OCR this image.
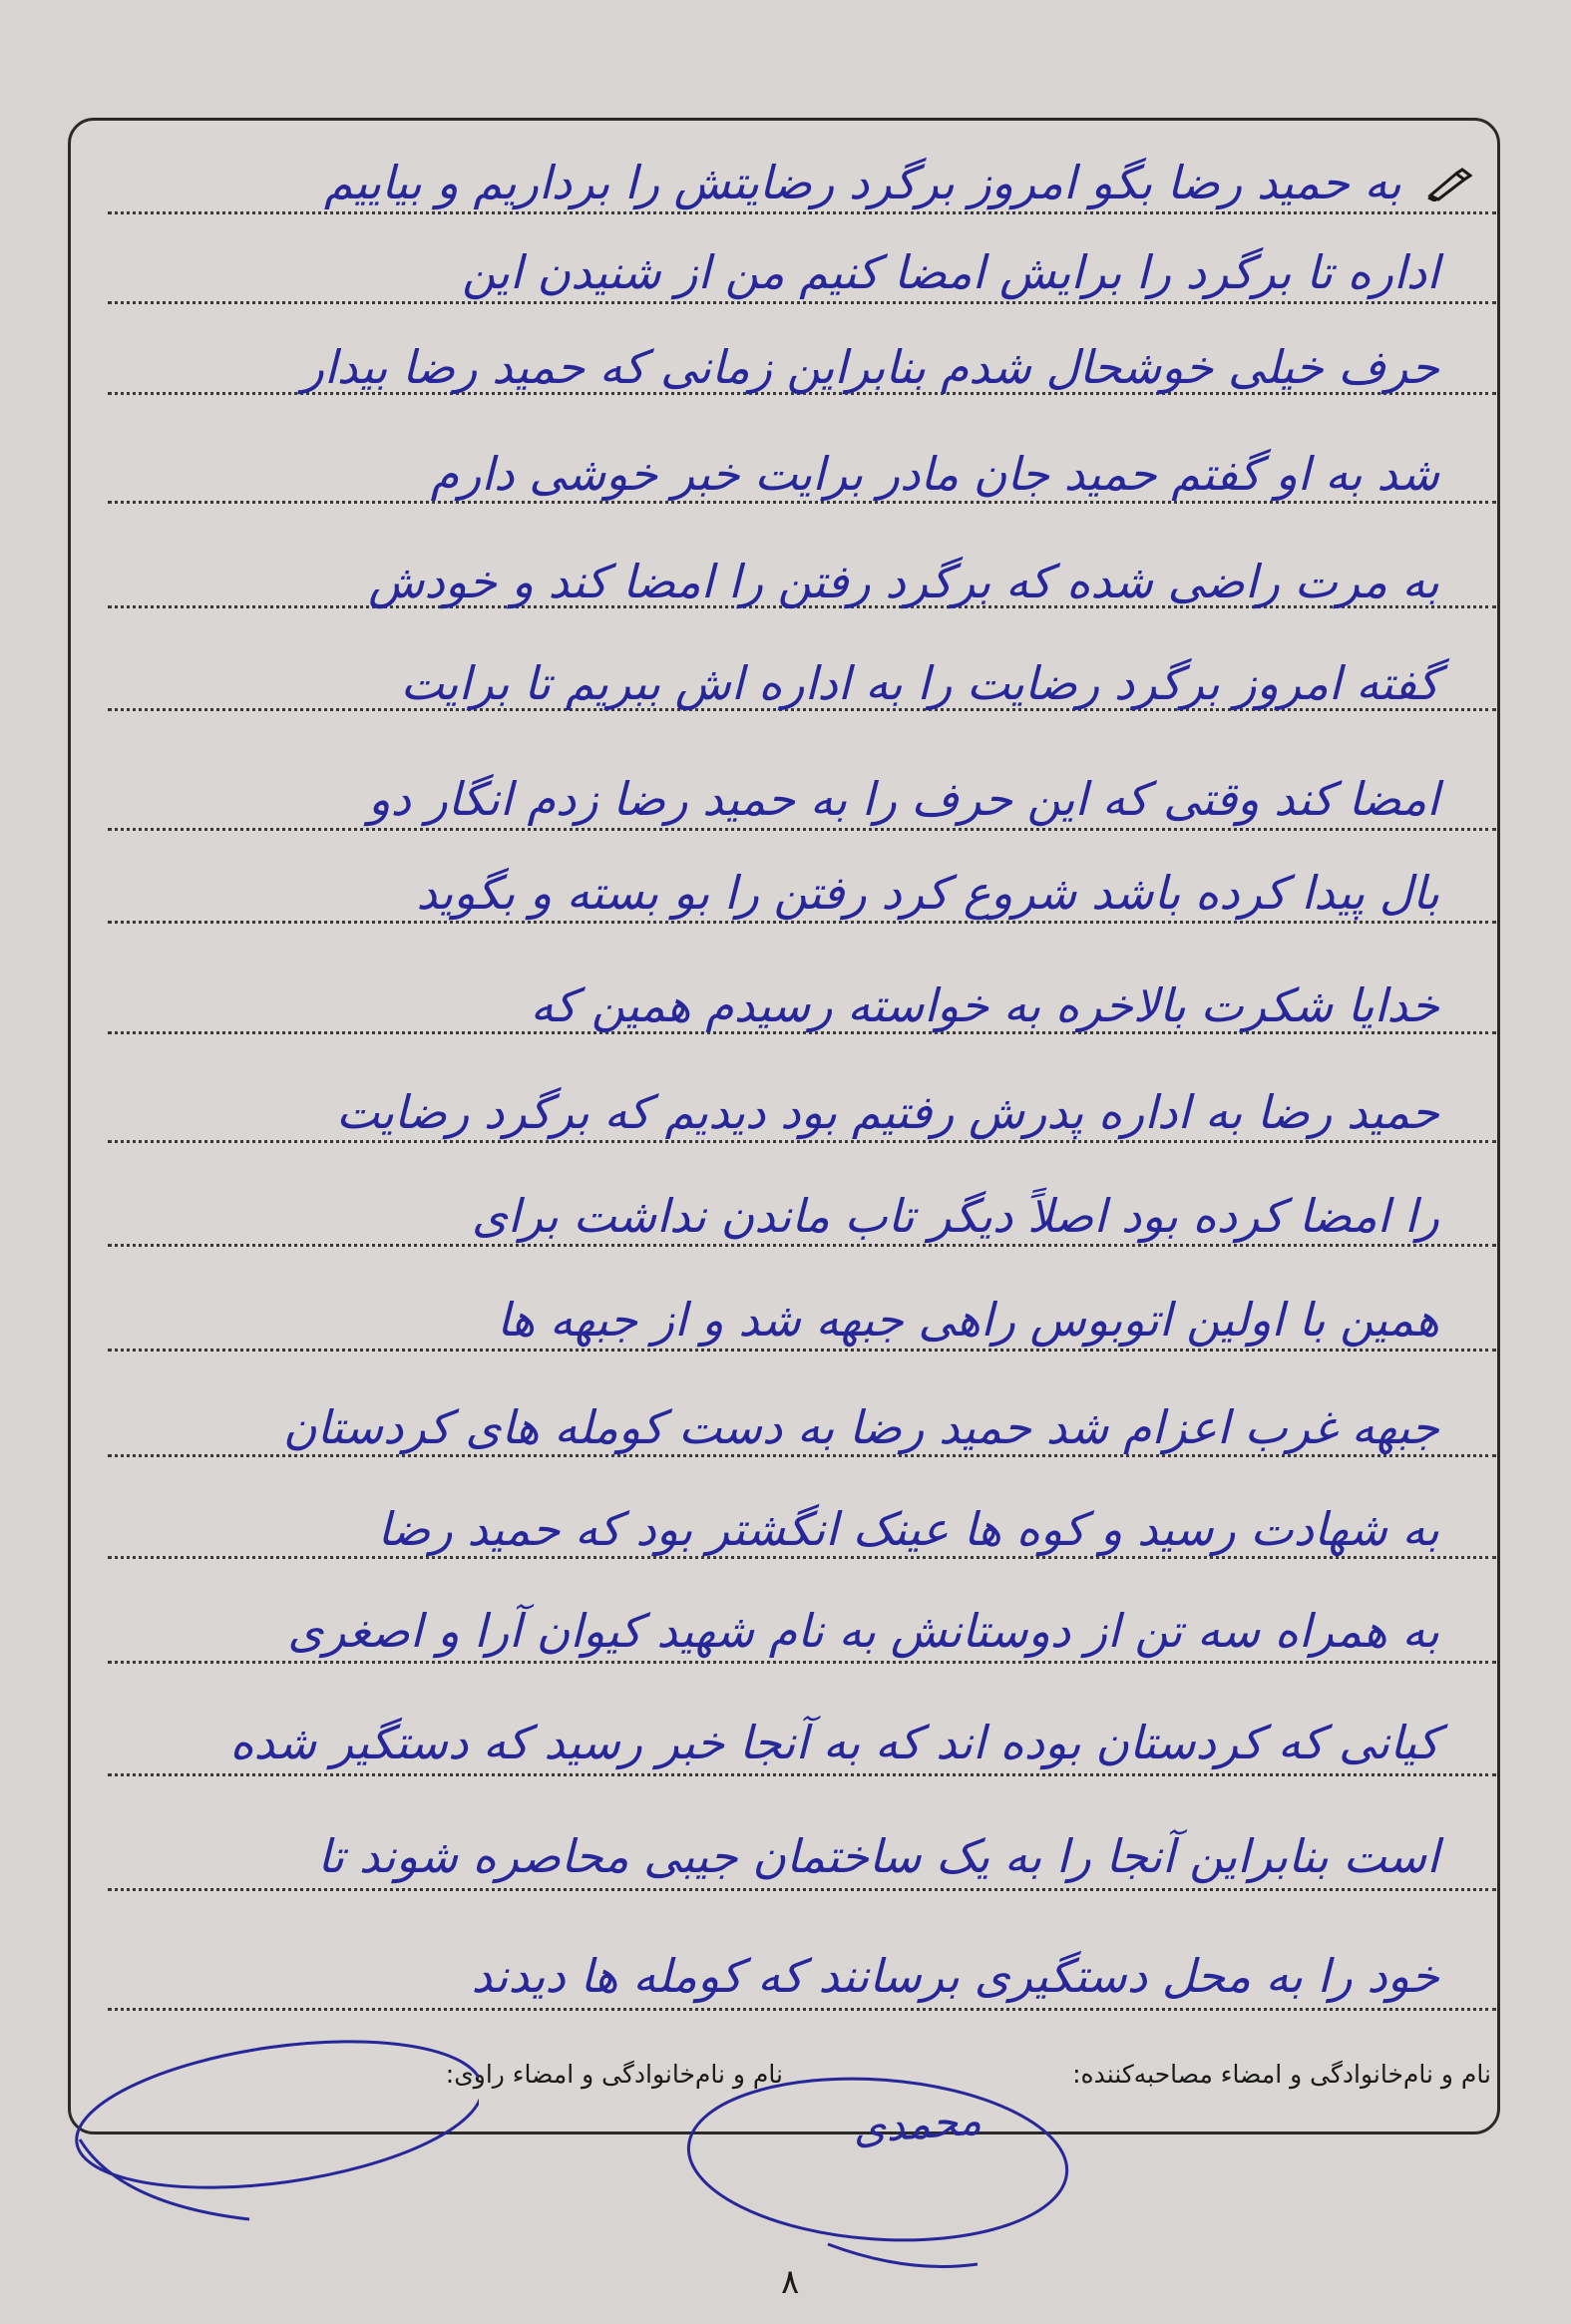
به حمید رضا بگو امروز برگرد رضایتش را برداریم و بیاییم
اداره تا برگرد را برایش امضا کنیم من از شنیدن این
حرف خیلی خوشحال شدم بنابراین زمانی که حمید رضا بیدار
شد به او گفتم حمید جان مادر برایت خبر خوشی دارم
به مرت راضی شده که برگرد رفتن را امضا کند و خودش
گفته امروز برگرد رضایت را به اداره اش ببریم تا برایت
امضا کند وقتی که این حرف را به حمید رضا زدم انگار دو
بال پیدا کرده باشد شروع کرد رفتن را بو بسته و بگوید
خدایا شکرت بالاخره به خواسته رسیدم همین که
حمید رضا به اداره پدرش رفتیم بود دیدیم که برگرد رضایت
را امضا کرده بود اصلاً دیگر تاب ماندن نداشت برای
همین با اولین اتوبوس راهی جبهه شد و از جبهه ها
جبهه غرب اعزام شد حمید رضا به دست کومله های کردستان
به شهادت رسید و کوه ها عینک انگشتر بود که حمید رضا
به همراه سه تن از دوستانش به نام شهید کیوان آرا و اصغری
کیانی که کردستان بوده اند که به آنجا خبر رسید که دستگیر شده
است بنابراین آنجا را به یک ساختمان جیبی محاصره شوند تا
خود را به محل دستگیری برسانند که کومله ها دیدند
نام و نام‌خانوادگی و امضاء مصاحبه‌کننده:
نام و نام‌خانوادگی و امضاء راوی:
محمدی
۸
